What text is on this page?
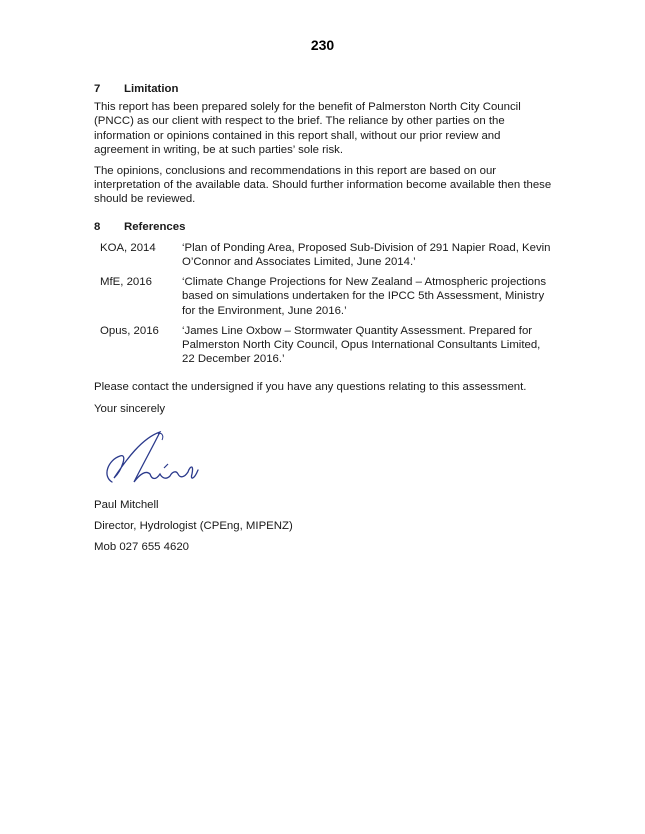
230
7 Limitation

This report has been prepared solely for the benefit of Palmerston North City Council (PNCC) as our client with respect to the brief. The reliance by other parties on the information or opinions contained in this report shall, without our prior review and agreement in writing, be at such parties’ sole risk.

The opinions, conclusions and recommendations in this report are based on our interpretation of the available data. Should further information become available then these should be reviewed.

8 References
KOA, 2014	‘Plan of Ponding Area, Proposed Sub-Division of 291 Napier Road, Kevin O’Connor and Associates Limited, June 2014.’
MfE, 2016	‘Climate Change Projections for New Zealand – Atmospheric projections based on simulations undertaken for the IPCC 5th Assessment, Ministry for the Environment, June 2016.’
Opus, 2016	‘James Line Oxbow – Stormwater Quantity Assessment. Prepared for Palmerston North City Council, Opus International Consultants Limited, 22 December 2016.’

Please contact the undersigned if you have any questions relating to this assessment.

Your sincerely

Paul Mitchell

Director, Hydrologist (CPEng, MIPENZ)

Mob 027 655 4620
